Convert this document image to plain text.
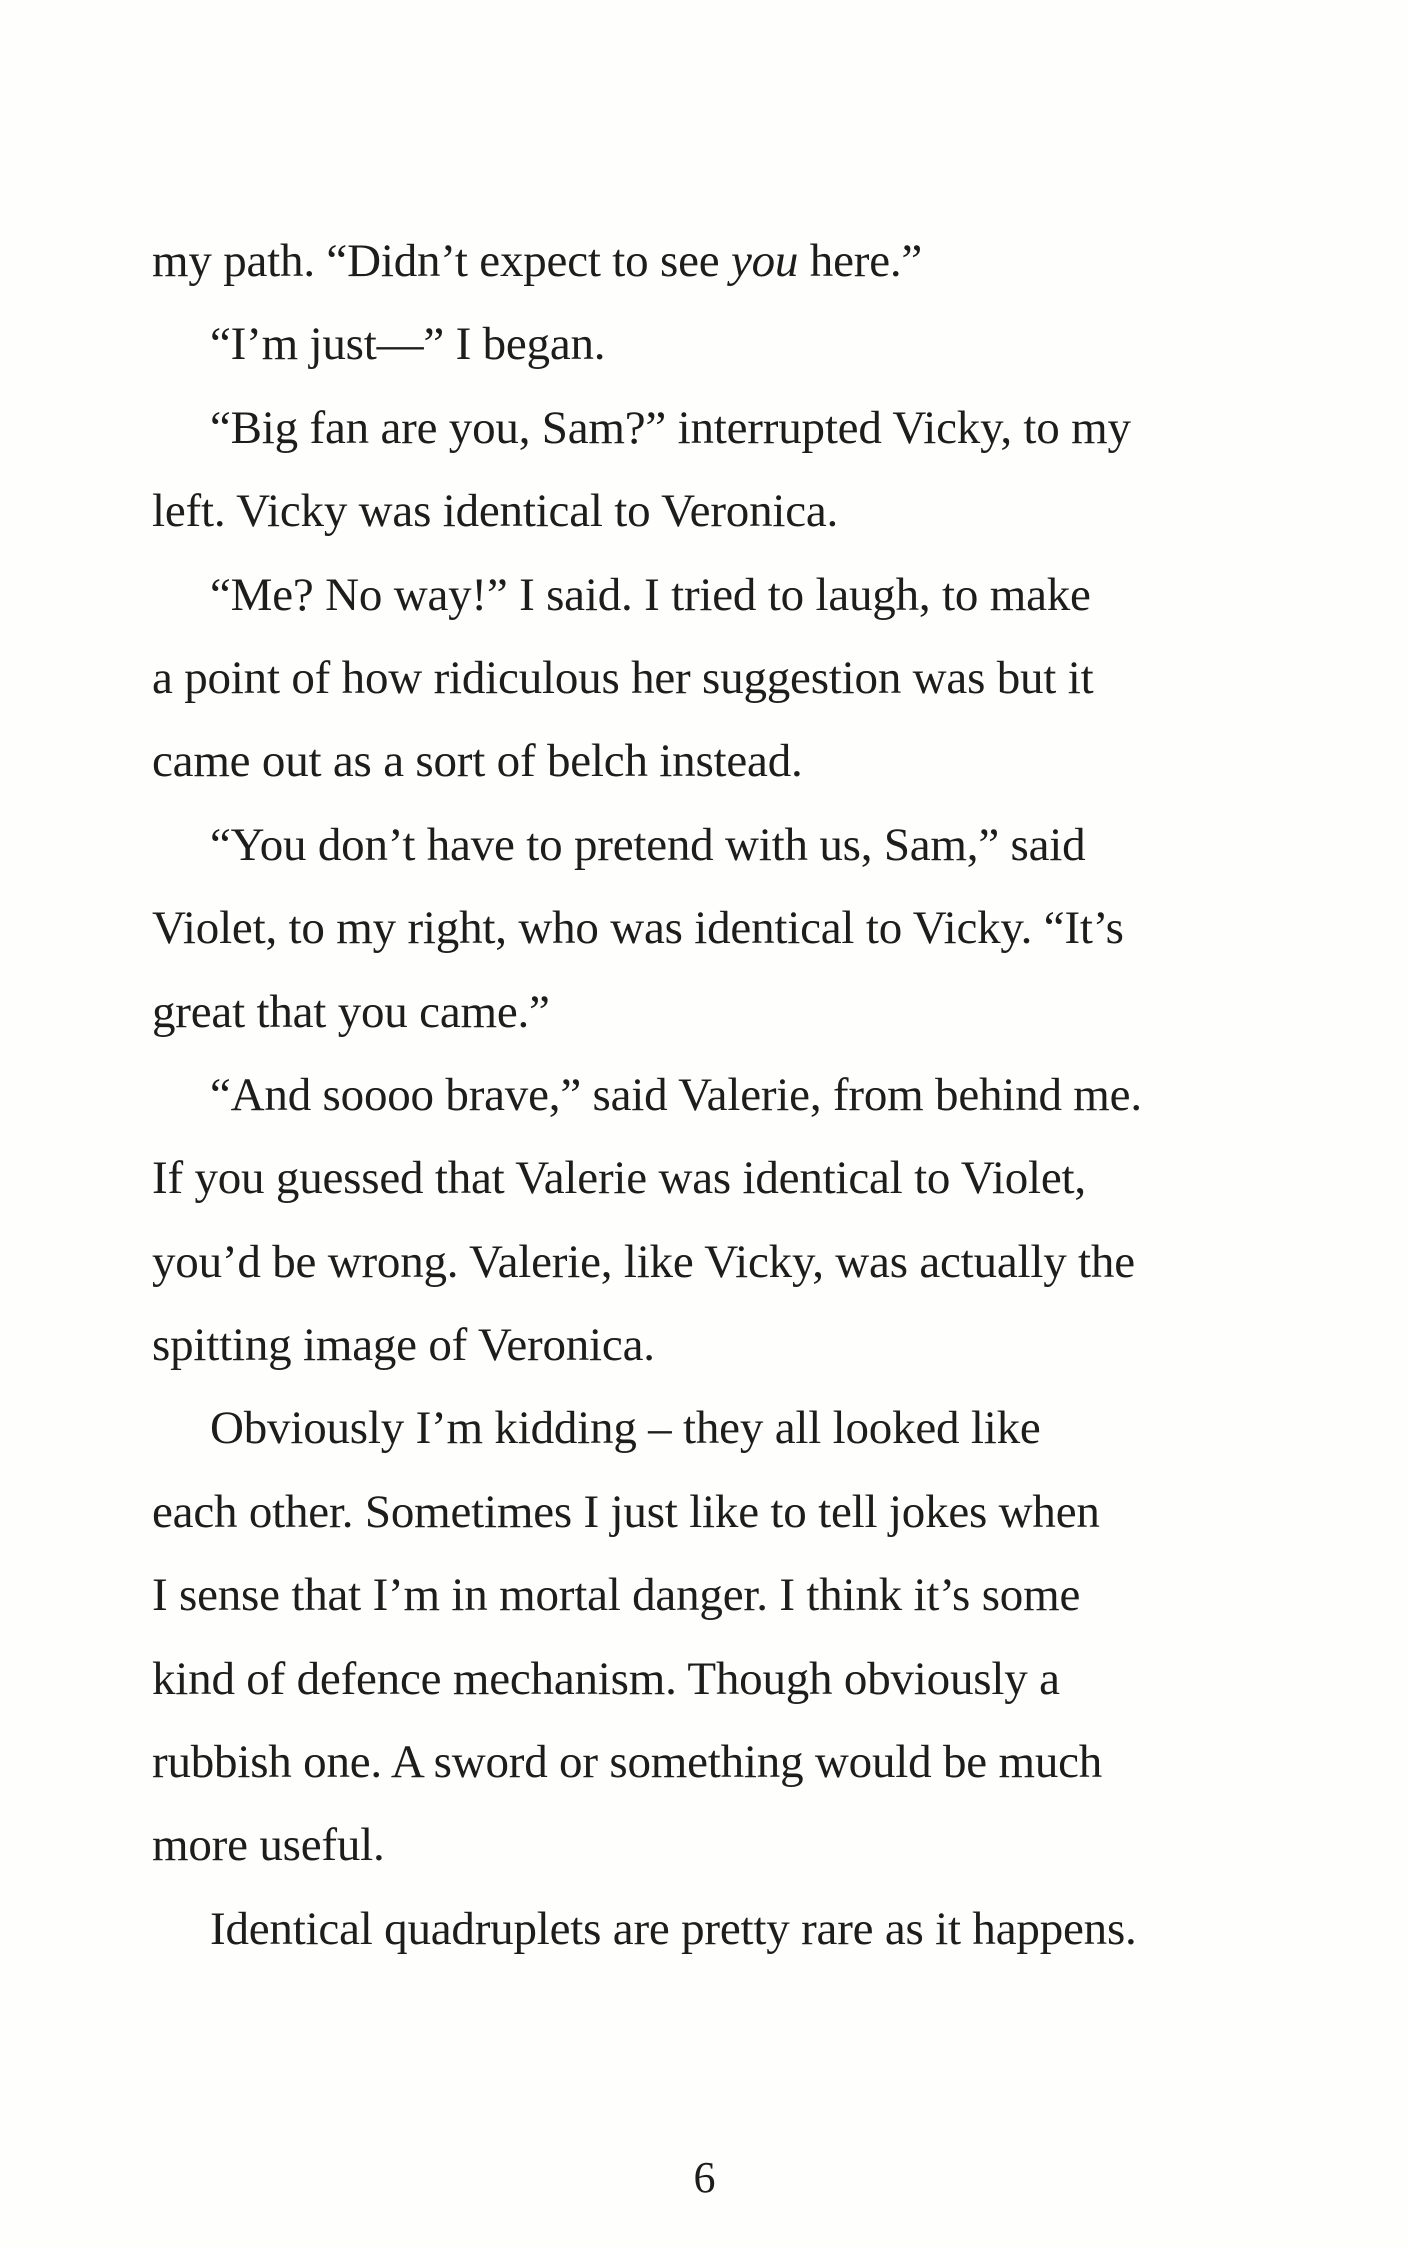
my path. “Didn’t expect to see you here.”
“I’m just—” I began.
“Big fan are you, Sam?” interrupted Vicky, to my
left. Vicky was identical to Veronica.
“Me? No way!” I said. I tried to laugh, to make
a point of how ridiculous her suggestion was but it
came out as a sort of belch instead.
“You don’t have to pretend with us, Sam,” said
Violet, to my right, who was identical to Vicky. “It’s
great that you came.”
“And soooo brave,” said Valerie, from behind me.
If you guessed that Valerie was identical to Violet,
you’d be wrong. Valerie, like Vicky, was actually the
spitting image of Veronica.
Obviously I’m kidding – they all looked like
each other. Sometimes I just like to tell jokes when
I sense that I’m in mortal danger. I think it’s some
kind of defence mechanism. Though obviously a
rubbish one. A sword or something would be much
more useful.
Identical quadruplets are pretty rare as it happens.

6
